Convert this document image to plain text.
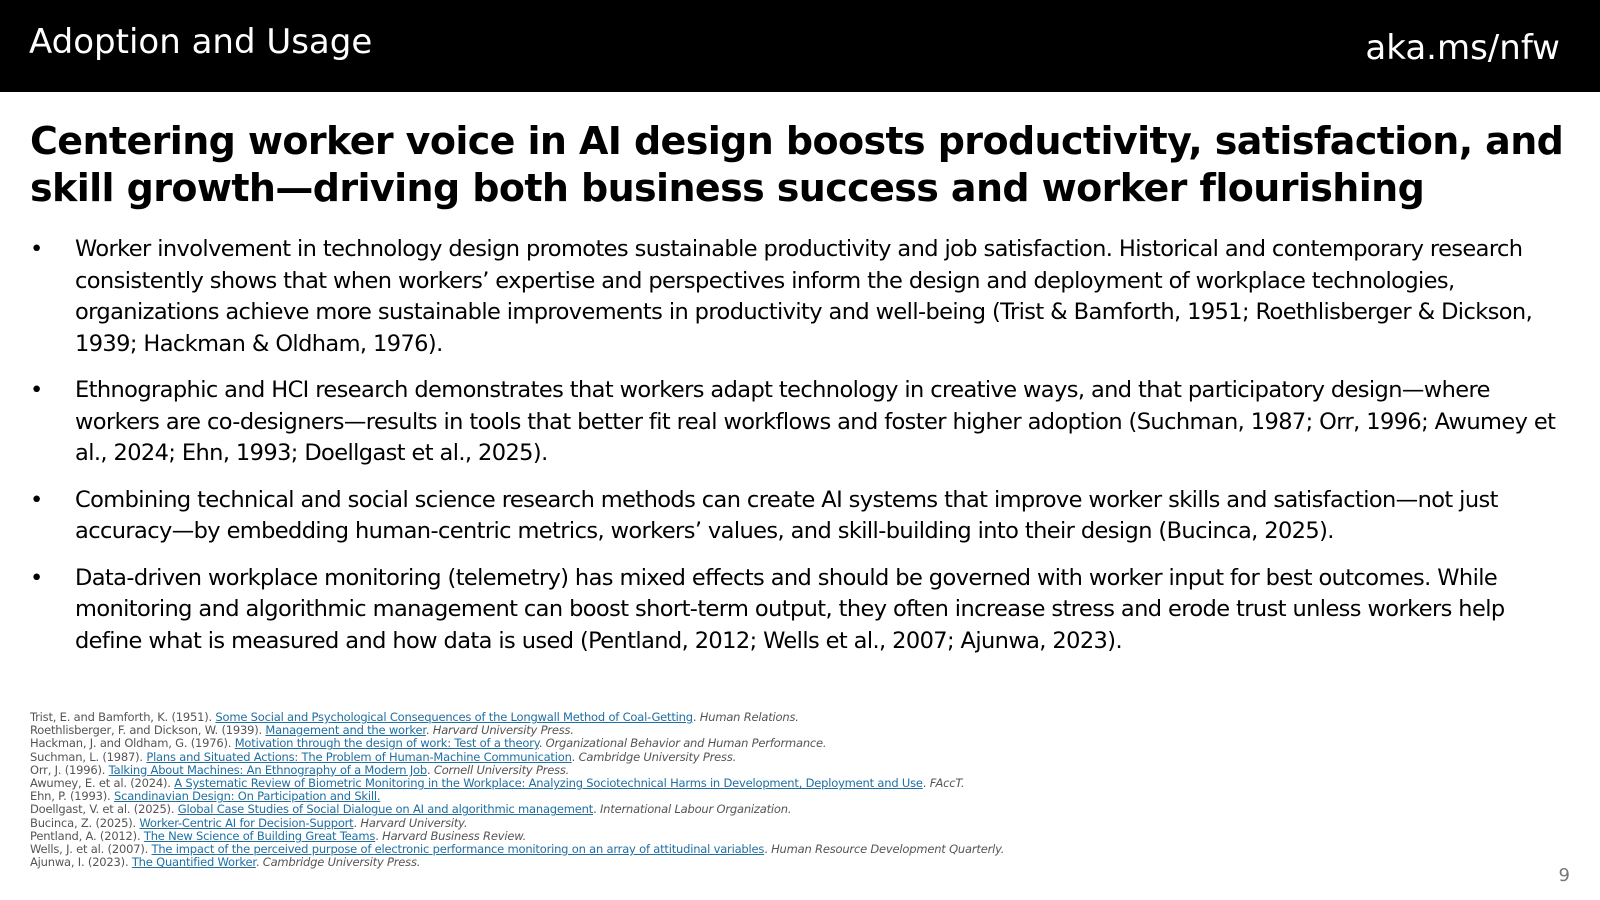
Adoption and Usage	aka.ms/nfw
Centering worker voice in AI design boosts productivity, satisfaction, and skill growth—driving both business success and worker flourishing
• Worker involvement in technology design promotes sustainable productivity and job satisfaction. Historical and contemporary research consistently shows that when workers’ expertise and perspectives inform the design and deployment of workplace technologies, organizations achieve more sustainable improvements in productivity and well-being (Trist & Bamforth, 1951; Roethlisberger & Dickson, 1939; Hackman & Oldham, 1976).
• Ethnographic and HCI research demonstrates that workers adapt technology in creative ways, and that participatory design—where workers are co-designers—results in tools that better fit real workflows and foster higher adoption (Suchman, 1987; Orr, 1996; Awumey et al., 2024; Ehn, 1993; Doellgast et al., 2025).
• Combining technical and social science research methods can create AI systems that improve worker skills and satisfaction—not just accuracy—by embedding human-centric metrics, workers’ values, and skill-building into their design (Bucinca, 2025).
• Data-driven workplace monitoring (telemetry) has mixed effects and should be governed with worker input for best outcomes. While monitoring and algorithmic management can boost short-term output, they often increase stress and erode trust unless workers help define what is measured and how data is used (Pentland, 2012; Wells et al., 2007; Ajunwa, 2023).
Trist, E. and Bamforth, K. (1951). Some Social and Psychological Consequences of the Longwall Method of Coal-Getting. Human Relations.
Roethlisberger, F. and Dickson, W. (1939). Management and the worker. Harvard University Press.
Hackman, J. and Oldham, G. (1976). Motivation through the design of work: Test of a theory. Organizational Behavior and Human Performance.
Suchman, L. (1987). Plans and Situated Actions: The Problem of Human-Machine Communication. Cambridge University Press.
Orr, J. (1996). Talking About Machines: An Ethnography of a Modern Job. Cornell University Press.
Awumey, E. et al. (2024). A Systematic Review of Biometric Monitoring in the Workplace: Analyzing Sociotechnical Harms in Development, Deployment and Use. FAccT.
Ehn, P. (1993). Scandinavian Design: On Participation and Skill.
Doellgast, V. et al. (2025). Global Case Studies of Social Dialogue on AI and algorithmic management. International Labour Organization.
Bucinca, Z. (2025). Worker-Centric AI for Decision-Support. Harvard University.
Pentland, A. (2012). The New Science of Building Great Teams. Harvard Business Review.
Wells, J. et al. (2007). The impact of the perceived purpose of electronic performance monitoring on an array of attitudinal variables. Human Resource Development Quarterly.
Ajunwa, I. (2023). The Quantified Worker. Cambridge University Press.
9
